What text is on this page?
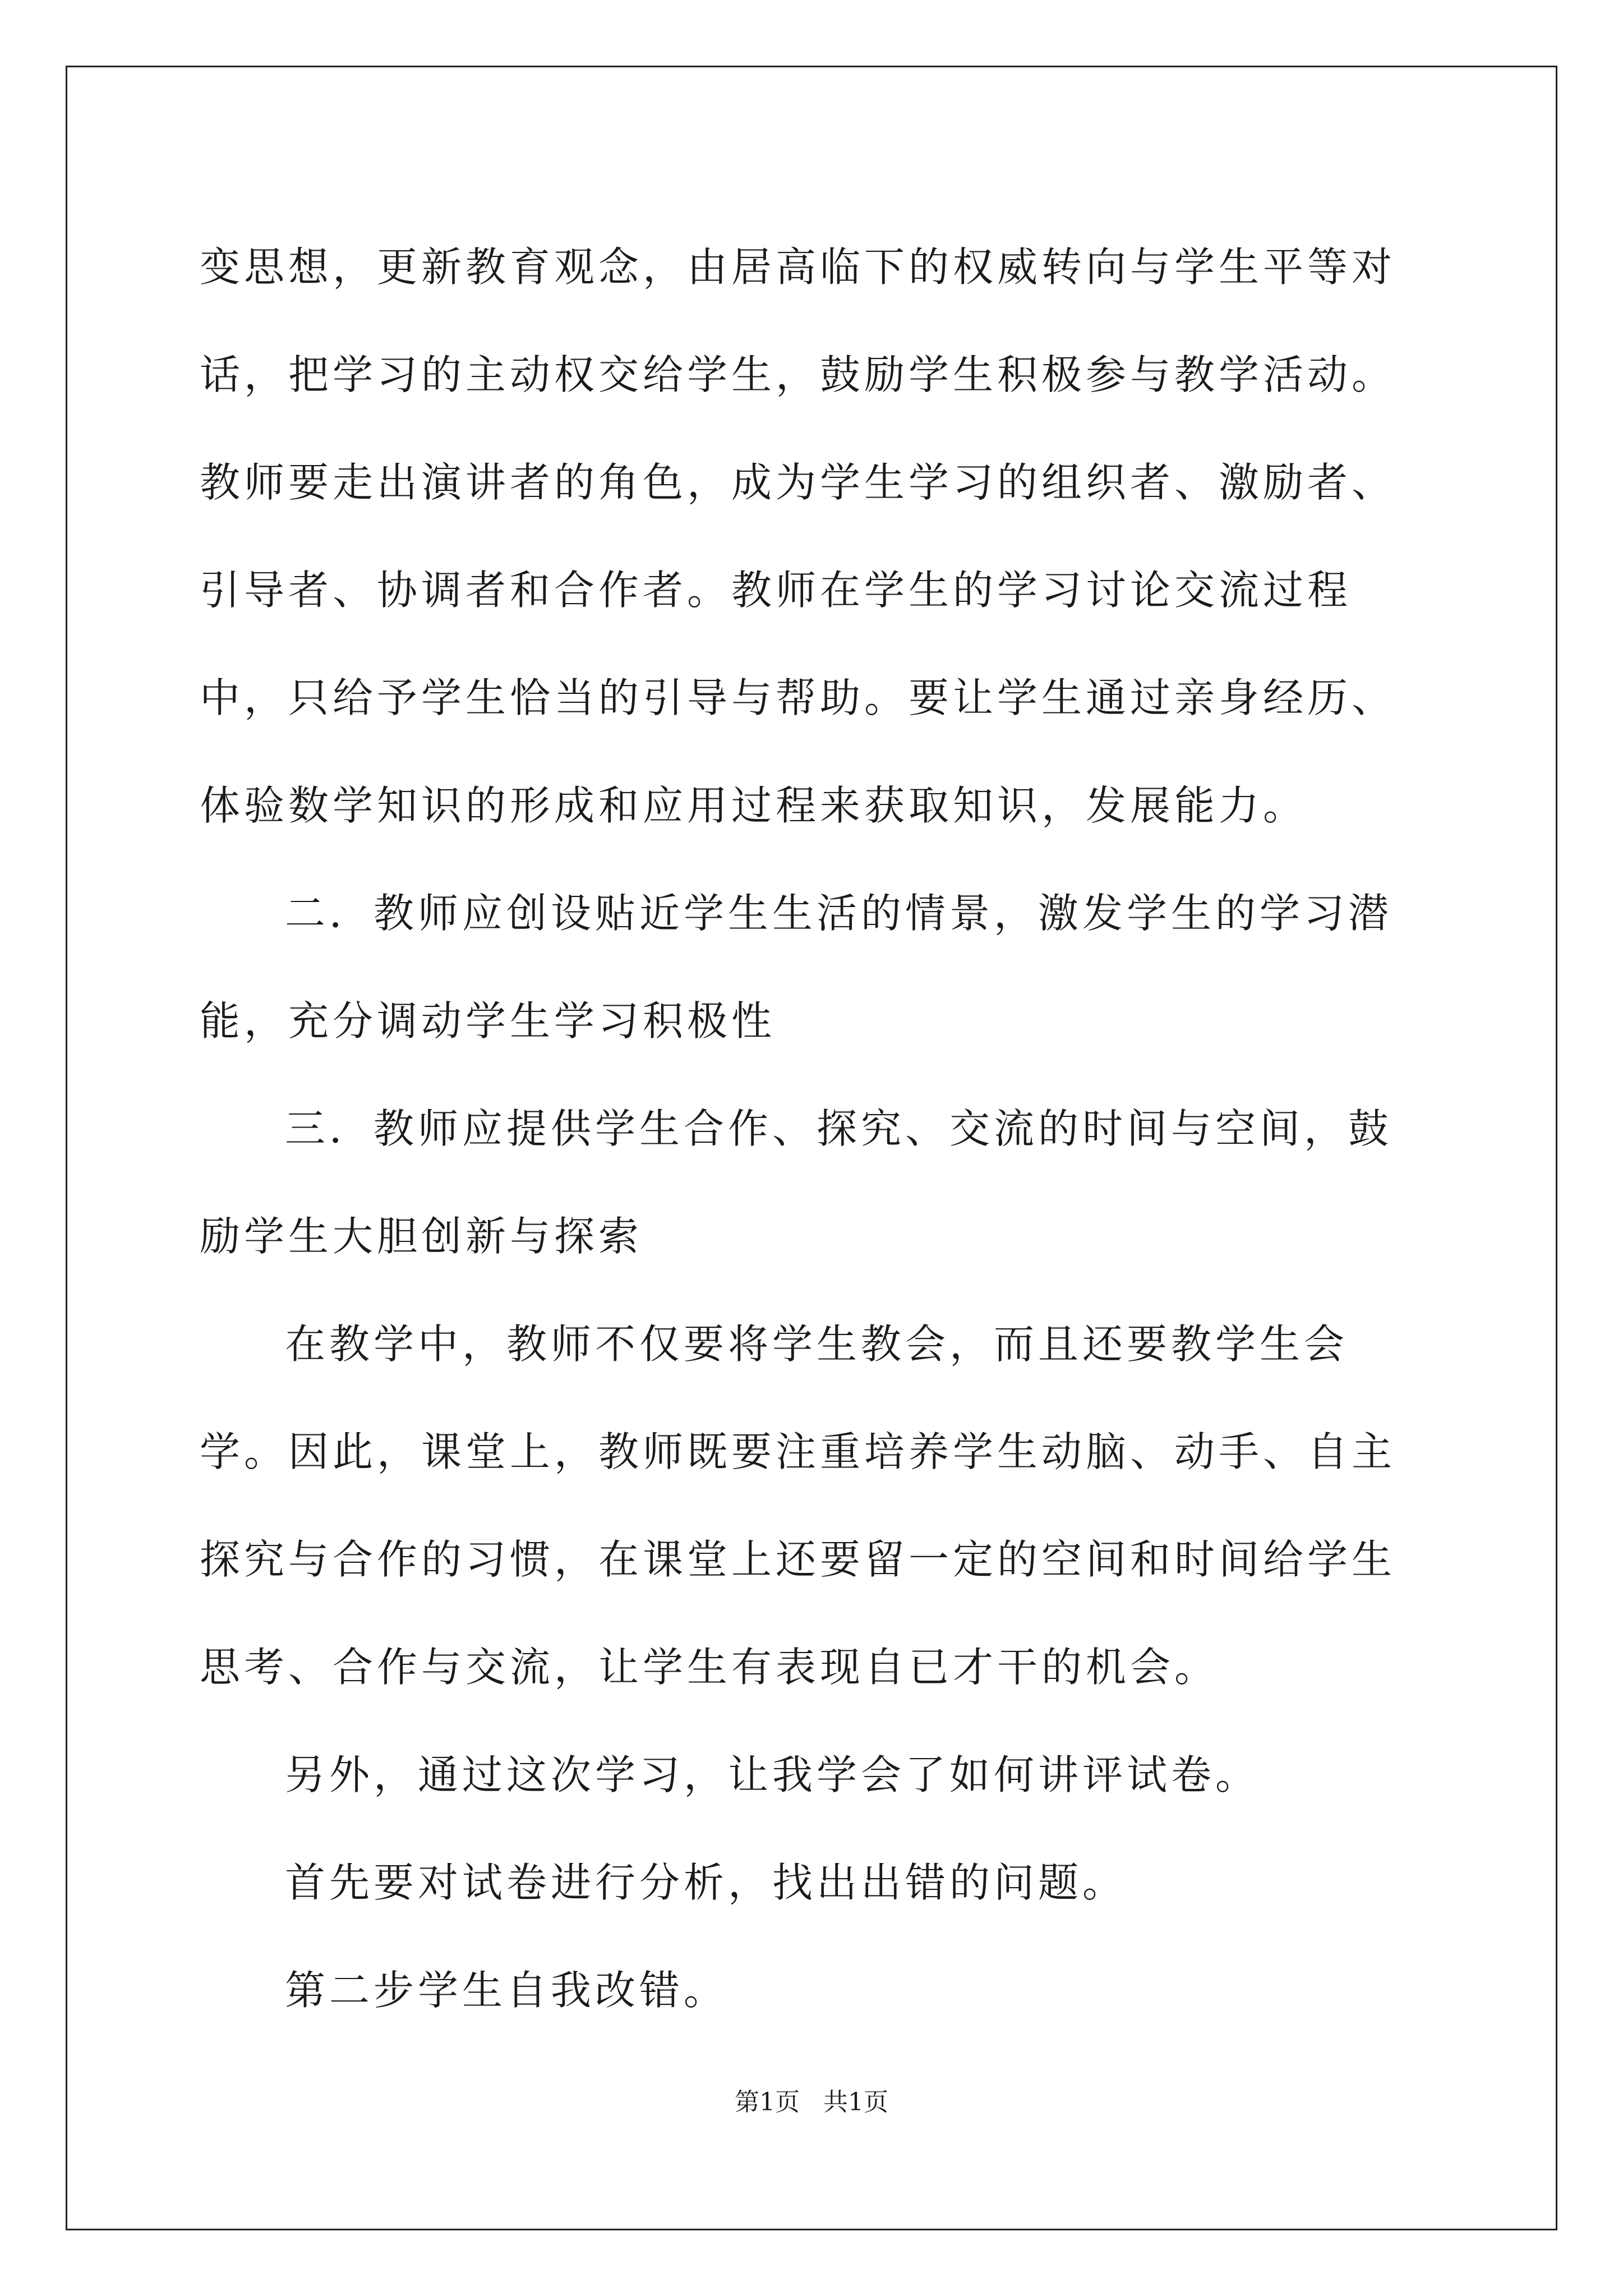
变思想，更新教育观念，由居高临下的权威转向与学生平等对话，把学习的主动权交给学生，鼓励学生积极参与教学活动。教师要走出演讲者的角色，成为学生学习的组织者、激励者、引导者、协调者和合作者。教师在学生的学习讨论交流过程中，只给予学生恰当的引导与帮助。要让学生通过亲身经历、体验数学知识的形成和应用过程来获取知识，发展能力。

二．教师应创设贴近学生生活的情景，激发学生的学习潜能，充分调动学生学习积极性

三．教师应提供学生合作、探究、交流的时间与空间，鼓励学生大胆创新与探索

在教学中，教师不仅要将学生教会，而且还要教学生会学。因此，课堂上，教师既要注重培养学生动脑、动手、自主探究与合作的习惯，在课堂上还要留一定的空间和时间给学生思考、合作与交流，让学生有表现自已才干的机会。

另外，通过这次学习，让我学会了如何讲评试卷。

首先要对试卷进行分析，找出出错的问题。

第二步学生自我改错。

第1页   共1页
